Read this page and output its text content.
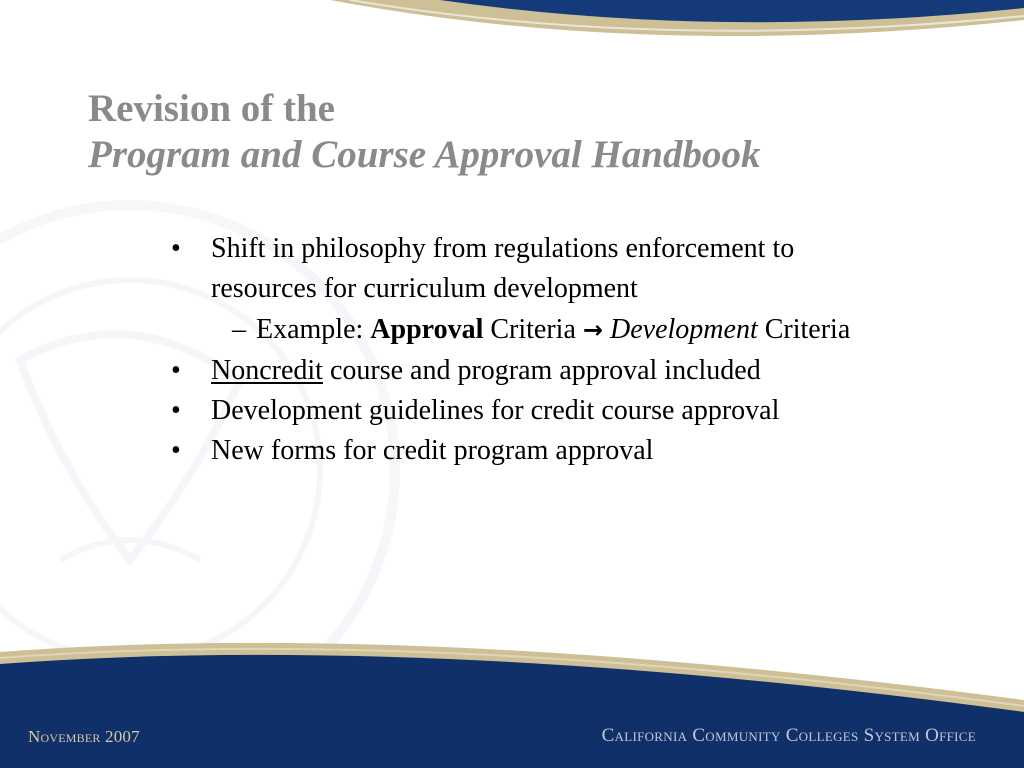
Revision of the
Program and Course Approval Handbook
• Shift in philosophy from regulations enforcement to
resources for curriculum development
– Example: Approval Criteria → Development Criteria
• Noncredit course and program approval included
• Development guidelines for credit course approval
• New forms for credit program approval
November 2007	California Community Colleges System Office
